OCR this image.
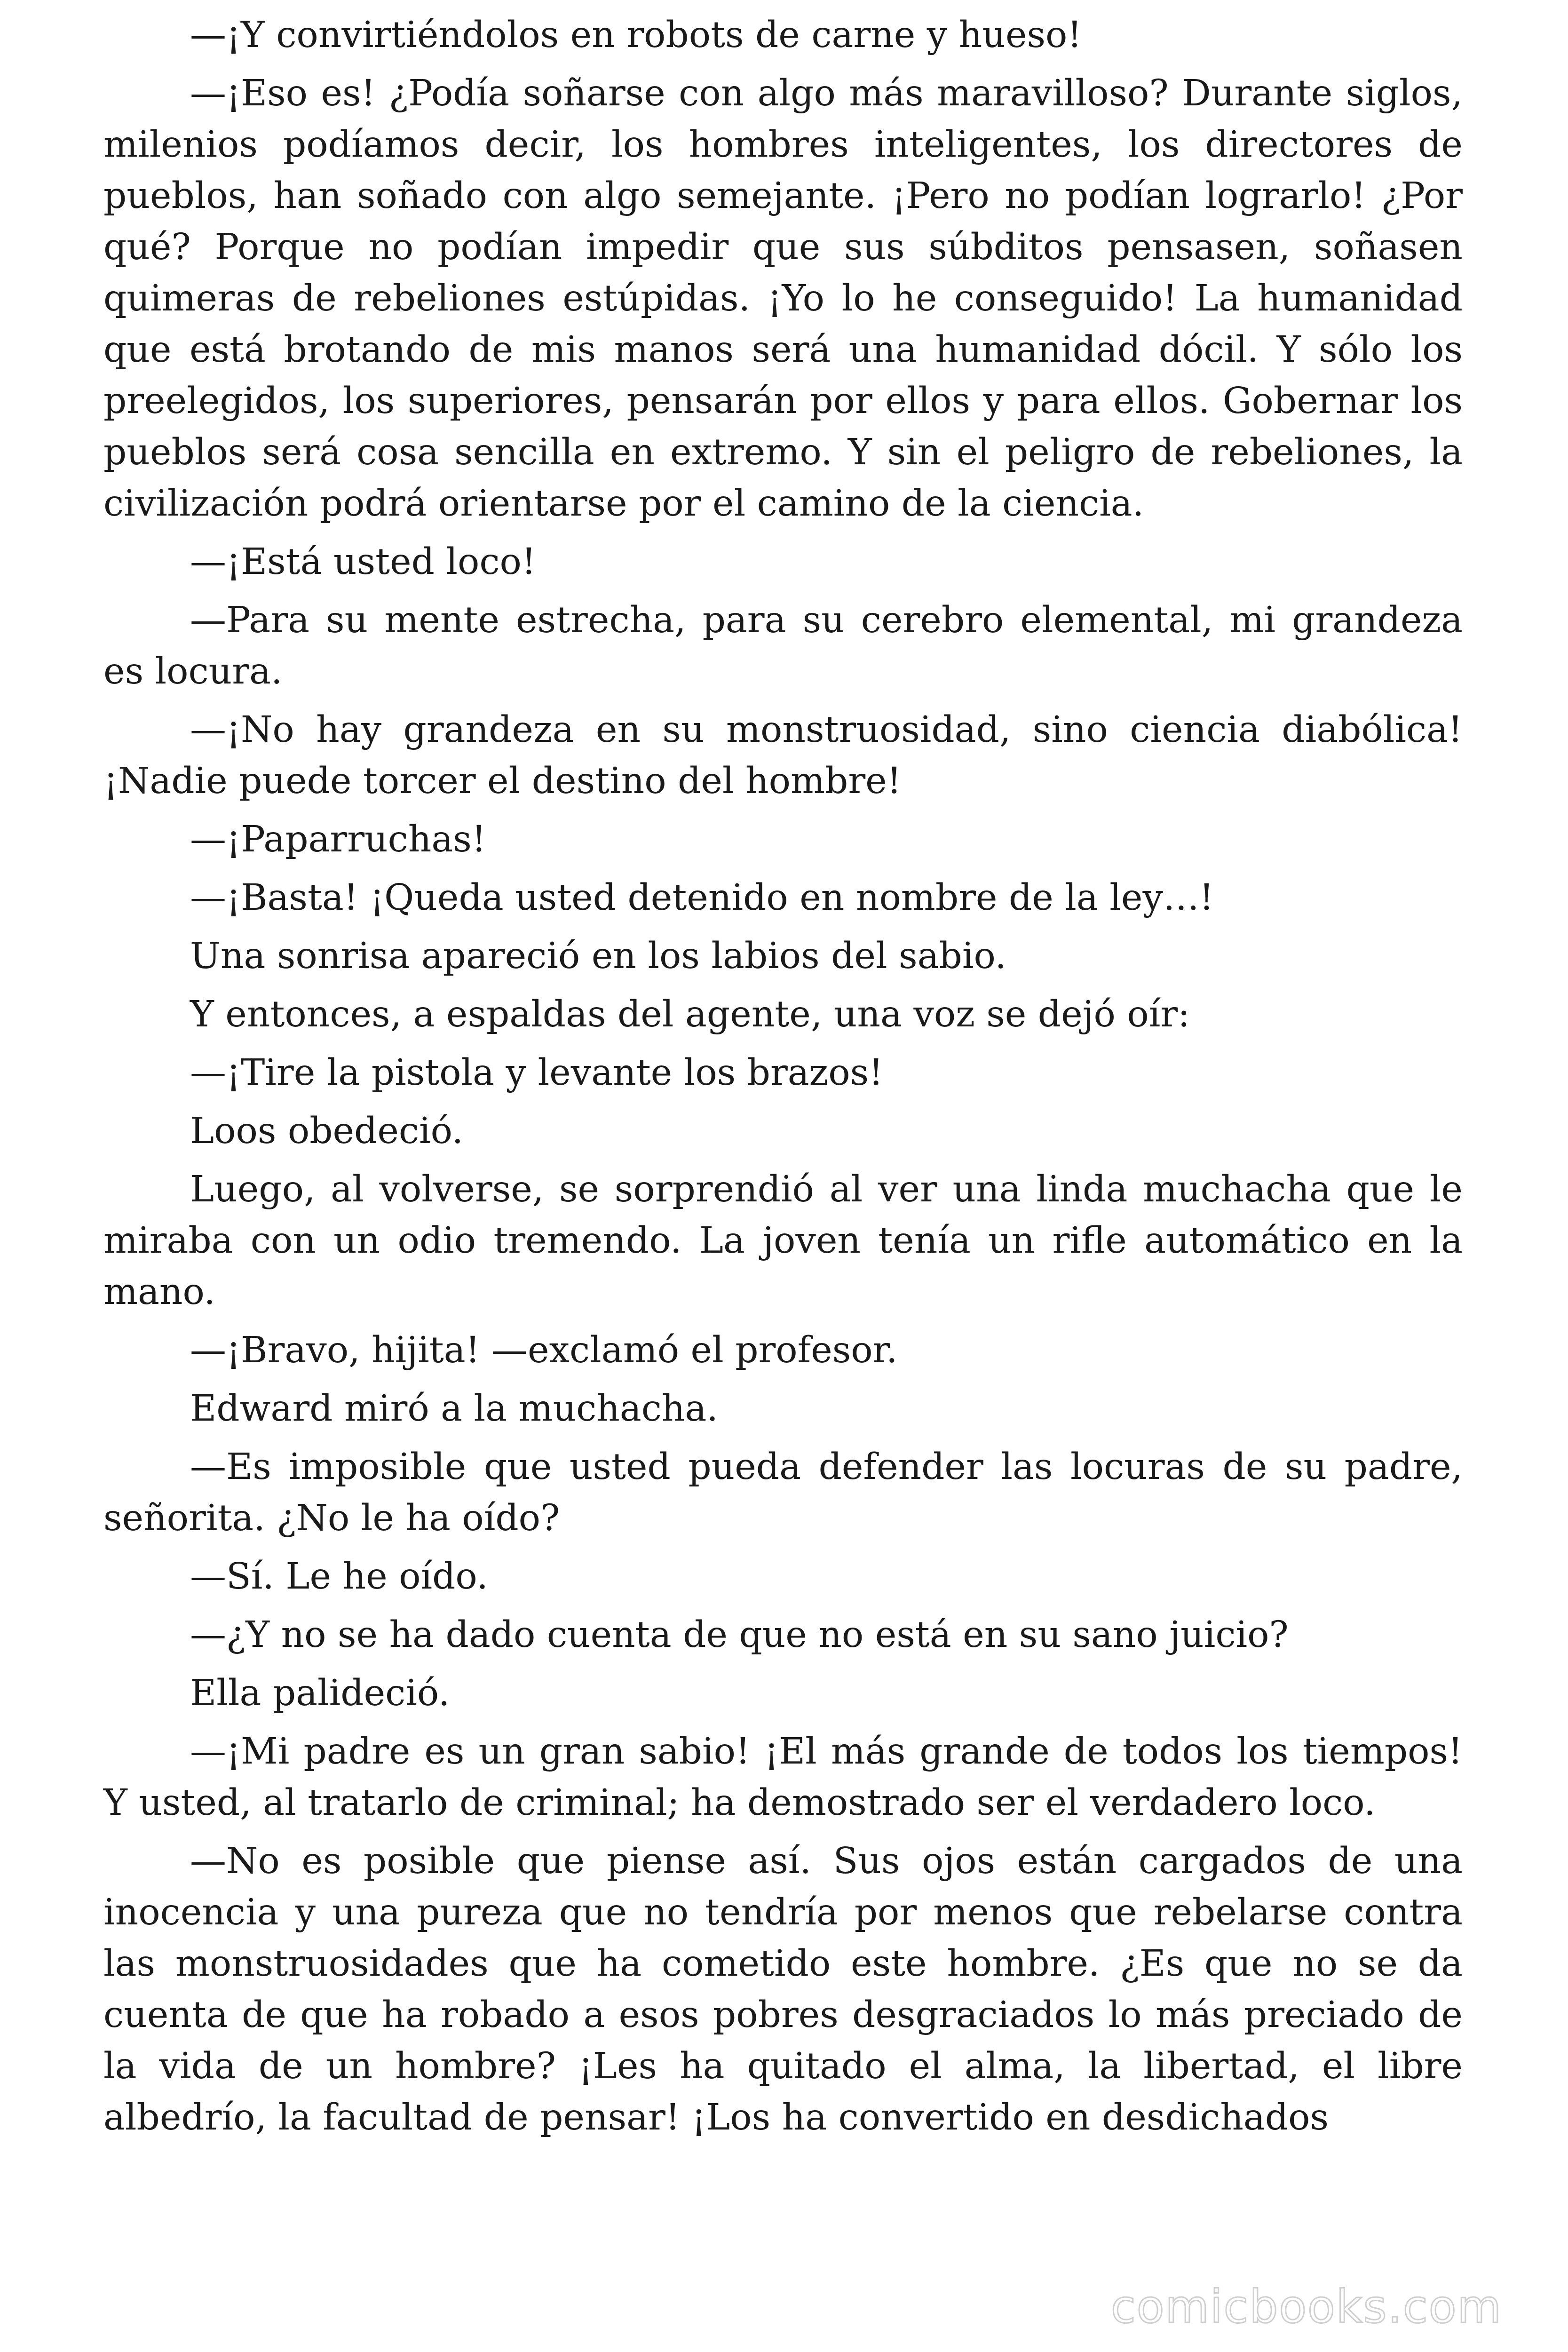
—¡Y convirtiéndolos en robots de carne y hueso!

—¡Eso es! ¿Podía soñarse con algo más maravilloso? Durante siglos, milenios podíamos decir, los hombres inteligentes, los directores de pueblos, han soñado con algo semejante. ¡Pero no podían lograrlo! ¿Por qué? Porque no podían impedir que sus súbditos pensasen, soñasen quimeras de rebeliones estúpidas. ¡Yo lo he conseguido! La humanidad que está brotando de mis manos será una humanidad dócil. Y sólo los preelegidos, los superiores, pensarán por ellos y para ellos. Gobernar los pueblos será cosa sencilla en extremo. Y sin el peligro de rebeliones, la civilización podrá orientarse por el camino de la ciencia.

—¡Está usted loco!

—Para su mente estrecha, para su cerebro elemental, mi grandeza es locura.

—¡No hay grandeza en su monstruosidad, sino ciencia diabólica! ¡Nadie puede torcer el destino del hombre!

—¡Paparruchas!

—¡Basta! ¡Queda usted detenido en nombre de la ley…!

Una sonrisa apareció en los labios del sabio.

Y entonces, a espaldas del agente, una voz se dejó oír:

—¡Tire la pistola y levante los brazos!

Loos obedeció.

Luego, al volverse, se sorprendió al ver una linda muchacha que le miraba con un odio tremendo. La joven tenía un rifle automático en la mano.

—¡Bravo, hijita! —exclamó el profesor.

Edward miró a la muchacha.

—Es imposible que usted pueda defender las locuras de su padre, señorita. ¿No le ha oído?

—Sí. Le he oído.

—¿Y no se ha dado cuenta de que no está en su sano juicio?

Ella palideció.

—¡Mi padre es un gran sabio! ¡El más grande de todos los tiempos! Y usted, al tratarlo de criminal; ha demostrado ser el verdadero loco.

—No es posible que piense así. Sus ojos están cargados de una inocencia y una pureza que no tendría por menos que rebelarse contra las monstruosidades que ha cometido este hombre. ¿Es que no se da cuenta de que ha robado a esos pobres desgraciados lo más preciado de la vida de un hombre? ¡Les ha quitado el alma, la libertad, el libre albedrío, la facultad de pensar! ¡Los ha convertido en desdichados

comicbooks.com
